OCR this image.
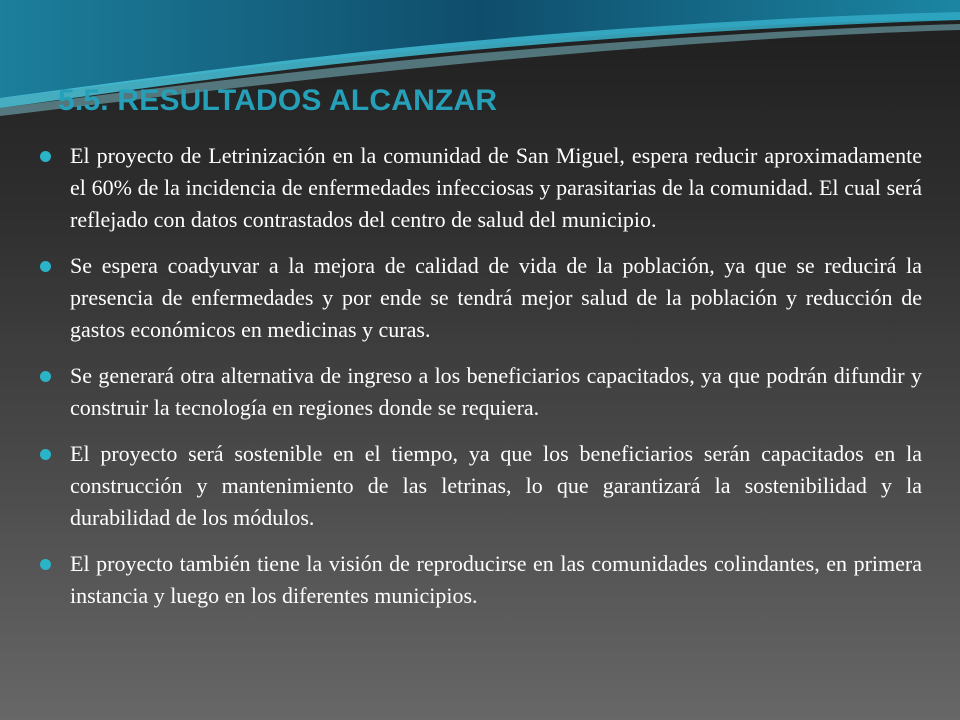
5.5. RESULTADOS ALCANZAR
El proyecto de Letrinización en la comunidad de San Miguel, espera reducir aproximadamente el 60% de la incidencia de enfermedades infecciosas y parasitarias de la comunidad. El cual será reflejado con datos contrastados del centro de salud del municipio.
Se espera coadyuvar a la mejora de calidad de vida de la población, ya que se reducirá la presencia de enfermedades y por ende se tendrá mejor salud de la población y reducción de gastos económicos en medicinas y curas.
Se generará otra alternativa de ingreso a los beneficiarios capacitados, ya que podrán difundir y construir la tecnología en regiones donde se requiera.
El proyecto será sostenible en el tiempo, ya que los beneficiarios serán capacitados en la construcción y mantenimiento de las letrinas, lo que garantizará la sostenibilidad y la durabilidad de los módulos.
El proyecto también tiene la visión de reproducirse en las comunidades colindantes, en primera instancia y luego en los diferentes municipios.
